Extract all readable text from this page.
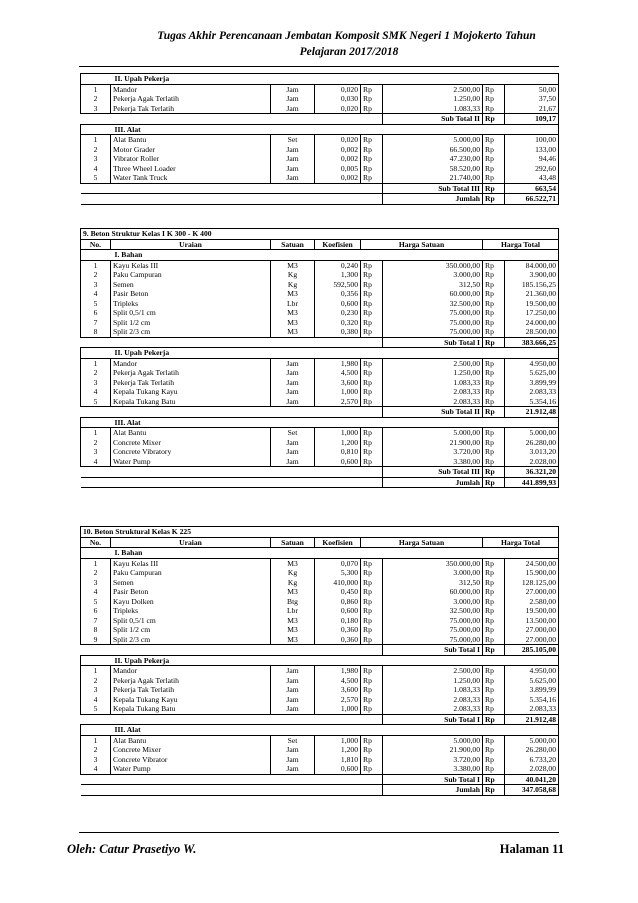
Tugas Akhir Perencanaan Jembatan Komposit SMK Negeri 1 Mojokerto Tahun
Pelajaran 2017/2018
	II. Upah Pekerja						
1	Mandor	Jam	0,020	Rp	2.500,00	Rp	50,00
2	Pekerja Agak Terlatih	Jam	0,030	Rp	1.250,00	Rp	37,50
3	Pekerja Tak Terlatih	Jam	0,020	Rp	1.083,33	Rp	21,67
					Sub Total II	Rp	109,17
	III. Alat						
1	Alat Bantu	Set	0,020	Rp	5.000,00	Rp	100,00
2	Motor Grader	Jam	0,002	Rp	66.500,00	Rp	133,00
3	Vibrator Roller	Jam	0,002	Rp	47.230,00	Rp	94,46
4	Three Wheel Loader	Jam	0,005	Rp	58.520,00	Rp	292,60
5	Water Tank Truck	Jam	0,002	Rp	21.740,00	Rp	43,48
					Sub Total III	Rp	663,54
					Jumlah	Rp	66.522,71
9. Beton Struktur Kelas I K 300 - K 400							
No.	Uraian	Satuan	Koefisien	Harga Satuan		Harga Total	
	I. Bahan						
1	Kayu Kelas III	M3	0,240	Rp	350.000,00	Rp	84.000,00
2	Paku Campuran	Kg	1,300	Rp	3.000,00	Rp	3.900,00
3	Semen	Kg	592,500	Rp	312,50	Rp	185.156,25
4	Pasir Beton	M3	0,356	Rp	60.000,00	Rp	21.360,00
5	Tripleks	Lbr	0,600	Rp	32.500,00	Rp	19.500,00
6	Split 0,5/1 cm	M3	0,230	Rp	75.000,00	Rp	17.250,00
7	Split 1/2 cm	M3	0,320	Rp	75.000,00	Rp	24.000,00
8	Split 2/3 cm	M3	0,380	Rp	75.000,00	Rp	28.500,00
					Sub Total I	Rp	383.666,25
	II. Upah Pekerja						
1	Mandor	Jam	1,980	Rp	2.500,00	Rp	4.950,00
2	Pekerja Agak Terlatih	Jam	4,500	Rp	1.250,00	Rp	5.625,00
3	Pekerja Tak Terlatih	Jam	3,600	Rp	1.083,33	Rp	3.899,99
4	Kepala Tukang Kayu	Jam	1,000	Rp	2.083,33	Rp	2.083,33
5	Kepala Tukang Batu	Jam	2,570	Rp	2.083,33	Rp	5.354,16
					Sub Total II	Rp	21.912,48
	III. Alat						
1	Alat Bantu	Set	1,000	Rp	5.000,00	Rp	5.000,00
2	Concrete Mixer	Jam	1,200	Rp	21.900,00	Rp	26.280,00
3	Concrete Vibratory	Jam	0,810	Rp	3.720,00	Rp	3.013,20
4	Water Pump	Jam	0,600	Rp	3.380,00	Rp	2.028,00
					Sub Total III	Rp	36.321,20
					Jumlah	Rp	441.899,93
10. Beton Struktural Kelas K 225							
No.	Uraian	Satuan	Koefisien	Harga Satuan		Harga Total	
	I. Bahan						
1	Kayu Kelas III	M3	0,070	Rp	350.000,00	Rp	24.500,00
2	Paku Campuran	Kg	5,300	Rp	3.000,00	Rp	15.900,00
3	Semen	Kg	410,000	Rp	312,50	Rp	128.125,00
4	Pasir Beton	M3	0,450	Rp	60.000,00	Rp	27.000,00
5	Kayu Dolken	Btg	0,860	Rp	3.000,00	Rp	2.580,00
6	Tripleks	Lbr	0,600	Rp	32.500,00	Rp	19.500,00
7	Split 0,5/1 cm	M3	0,180	Rp	75.000,00	Rp	13.500,00
8	Split 1/2 cm	M3	0,360	Rp	75.000,00	Rp	27.000,00
9	Split 2/3 cm	M3	0,360	Rp	75.000,00	Rp	27.000,00
					Sub Total I	Rp	285.105,00
	II. Upah Pekerja						
1	Mandor	Jam	1,980	Rp	2.500,00	Rp	4.950,00
2	Pekerja Agak Terlatih	Jam	4,500	Rp	1.250,00	Rp	5.625,00
3	Pekerja Tak Terlatih	Jam	3,600	Rp	1.083,33	Rp	3.899,99
4	Kepala Tukang Kayu	Jam	2,570	Rp	2.083,33	Rp	5.354,16
5	Kepala Tukang Batu	Jam	1,000	Rp	2.083,33	Rp	2.083,33
					Sub Total I	Rp	21.912,48
	III. Alat						
1	Alat Bantu	Set	1,000	Rp	5.000,00	Rp	5.000,00
2	Concrete Mixer	Jam	1,200	Rp	21.900,00	Rp	26.280,00
3	Concrete Vibrator	Jam	1,810	Rp	3.720,00	Rp	6.733,20
4	Water Pump	Jam	0,600	Rp	3.380,00	Rp	2.028,00
					Sub Total I	Rp	40.041,20
					Jumlah	Rp	347.058,68
Oleh: Catur Prasetiyo W.	Halaman 11
